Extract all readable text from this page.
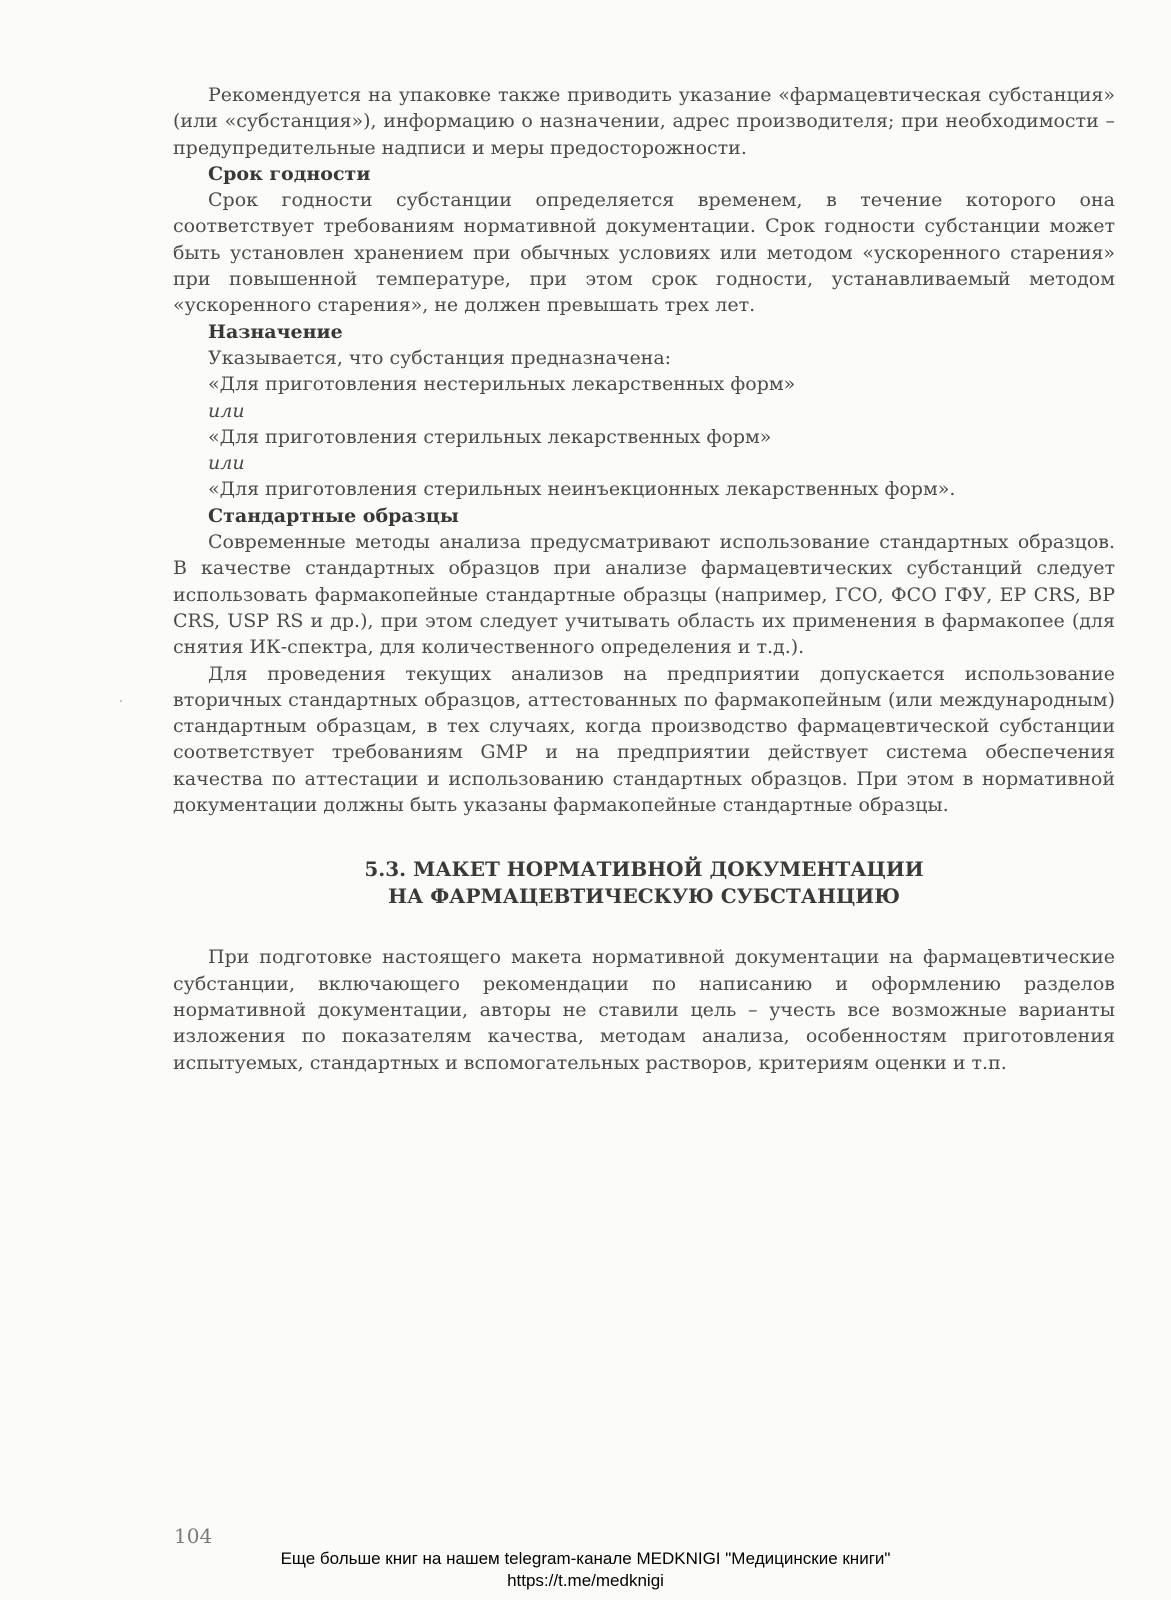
Рекомендуется на упаковке также приводить указание «фармацевтическая субстанция» (или «субстанция»), информацию о назначении, адрес производителя; при необходимости – предупредительные надписи и меры предосторожности.

Срок годности

Срок годности субстанции определяется временем, в течение которого она соответствует требованиям нормативной документации. Срок годности субстанции может быть установлен хранением при обычных условиях или методом «ускоренного старения» при повышенной температуре, при этом срок годности, устанавливаемый методом «ускоренного старения», не должен превышать трех лет.

Назначение

Указывается, что субстанция предназначена:

«Для приготовления нестерильных лекарственных форм»

или

«Для приготовления стерильных лекарственных форм»

или

«Для приготовления стерильных неинъекционных лекарственных форм».

Стандартные образцы

Современные методы анализа предусматривают использование стандартных образцов. В качестве стандартных образцов при анализе фармацевтических субстанций следует использовать фармакопейные стандартные образцы (например, ГСО, ФСО ГФУ, EP CRS, BP CRS, USP RS и др.), при этом следует учитывать область их применения в фармакопее (для снятия ИК-спектра, для количественного определения и т.д.).

Для проведения текущих анализов на предприятии допускается использование вторичных стандартных образцов, аттестованных по фармакопейным (или международным) стандартным образцам, в тех случаях, когда производство фармацевтической субстанции соответствует требованиям GMP и на предприятии действует система обеспечения качества по аттестации и использованию стандартных образцов. При этом в нормативной документации должны быть указаны фармакопейные стандартные образцы.

5.3. МАКЕТ НОРМАТИВНОЙ ДОКУМЕНТАЦИИ
НА ФАРМАЦЕВТИЧЕСКУЮ СУБСТАНЦИЮ

При подготовке настоящего макета нормативной документации на фармацевтические субстанции, включающего рекомендации по написанию и оформлению разделов нормативной документации, авторы не ставили цель – учесть все возможные варианты изложения по показателям качества, методам анализа, особенностям приготовления испытуемых, стандартных и вспомогательных растворов, критериям оценки и т.п.

104
Еще больше книг на нашем telegram-канале MEDKNIGI "Медицинские книги"
https://t.me/medknigi
